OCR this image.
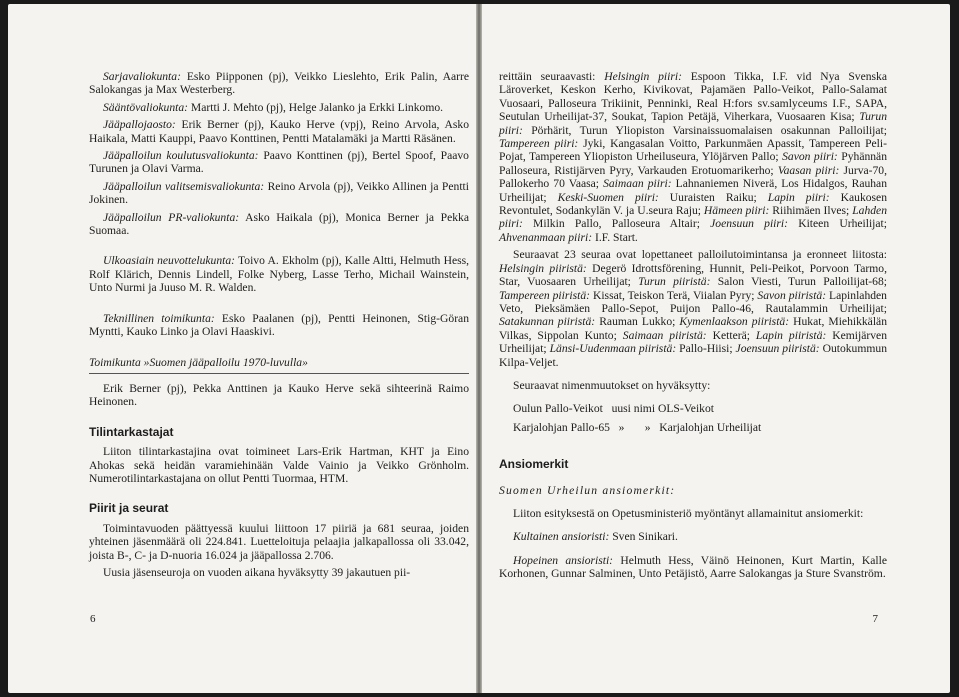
Sarjavaliokunta: Esko Piipponen (pj), Veikko Lieslehto, Erik Palin, Aarre Salokangas ja Max Westerberg.

Sääntövaliokunta: Martti J. Mehto (pj), Helge Jalanko ja Erkki Linkomo.

Jääpallojaosto: Erik Berner (pj), Kauko Herve (vpj), Reino Arvola, Asko Haikala, Matti Kauppi, Paavo Konttinen, Pentti Matalamäki ja Martti Räsänen.

Jääpalloilun koulutusvaliokunta: Paavo Konttinen (pj), Bertel Spoof, Paavo Turunen ja Olavi Varma.

Jääpalloilun valitsemisvaliokunta: Reino Arvola (pj), Veikko Allinen ja Pentti Jokinen.

Jääpalloilun PR-valiokunta: Asko Haikala (pj), Monica Berner ja Pekka Suomaa.

Ulkoasiain neuvottelukunta: Toivo A. Ekholm (pj), Kalle Altti, Helmuth Hess, Rolf Klärich, Dennis Lindell, Folke Nyberg, Lasse Terho, Michail Wainstein, Unto Nurmi ja Juuso M. R. Walden.

Teknillinen toimikunta: Esko Paalanen (pj), Pentti Heinonen, Stig-Göran Myntti, Kauko Linko ja Olavi Haaskivi.

Toimikunta »Suomen jääpalloilu 1970-luvulla»

Erik Berner (pj), Pekka Anttinen ja Kauko Herve sekä sihteerinä Raimo Heinonen.

Tilintarkastajat

Liiton tilintarkastajina ovat toimineet Lars-Erik Hartman, KHT ja Eino Ahokas sekä heidän varamiehinään Valde Vainio ja Veikko Grönholm. Numerotilintarkastajana on ollut Pentti Tuormaa, HTM.

Piirit ja seurat

Toimintavuoden päättyessä kuului liittoon 17 piiriä ja 681 seuraa, joiden yhteinen jäsenmäärä oli 224.841. Luetteloituja pelaajia jalkapallossa oli 33.042, joista B-, C- ja D-nuoria 16.024 ja jääpallossa 2.706.

Uusia jäsenseuroja on vuoden aikana hyväksytty 39 jakautuen pii-

6

reittäin seuraavasti: Helsingin piiri: Espoon Tikka, I.F. vid Nya Svenska Läroverket, Keskon Kerho, Kivikovat, Pajamäen Pallo-Veikot, Pallo-Salamat Vuosaari, Palloseura Trikiinit, Penninki, Real H:fors sv.samlyceums I.F., SAPA, Seutulan Urheilijat-37, Soukat, Tapion Petäjä, Viherkara, Vuosaaren Kisa; Turun piiri: Pörhärit, Turun Yliopiston Varsinaissuomalaisen osakunnan Palloilijat; Tampereen piiri: Jyki, Kangasalan Voitto, Parkunmäen Apassit, Tampereen Peli-Pojat, Tampereen Yliopiston Urheiluseura, Ylöjärven Pallo; Savon piiri: Pyhännän Palloseura, Ristijärven Pyry, Varkauden Erotuomarikerho; Vaasan piiri: Jurva-70, Pallokerho 70 Vaasa; Saimaan piiri: Lahnaniemen Niverä, Los Hidalgos, Rauhan Urheilijat; Keski-Suomen piiri: Uuraisten Raiku; Lapin piiri: Kaukosen Revontulet, Sodankylän V. ja U.seura Raju; Hämeen piiri: Riihimäen Ilves; Lahden piiri: Milkin Pallo, Palloseura Altair; Joensuun piiri: Kiteen Urheilijat; Ahvenanmaan piiri: I.F. Start.

Seuraavat 23 seuraa ovat lopettaneet palloilutoimintansa ja eronneet liitosta: Helsingin piiristä: Degerö Idrottsförening, Hunnit, Peli-Peikot, Porvoon Tarmo, Star, Vuosaaren Urheilijat; Turun piiristä: Salon Viesti, Turun Palloilijat-68; Tampereen piiristä: Kissat, Teiskon Terä, Viialan Pyry; Savon piiristä: Lapinlahden Veto, Pieksämäen Pallo-Sepot, Puijon Pallo-46, Rautalammin Urheilijat; Satakunnan piiristä: Rauman Lukko; Kymenlaakson piiristä: Hukat, Miehikkälän Vilkas, Sippolan Kunto; Saimaan piiristä: Ketterä; Lapin piiristä: Kemijärven Urheilijat; Länsi-Uudenmaan piiristä: Pallo-Hiisi; Joensuun piiristä: Outokummun Kilpa-Veljet.

Seuraavat nimenmuutokset on hyväksytty:

Oulun Pallo-Veikot uusi nimi OLS-Veikot

Karjalohjan Pallo-65 »       » Karjalohjan Urheilijat

Ansiomerkit

Suomen Urheilun ansiomerkit:

Liiton esityksestä on Opetusministeriö myöntänyt allamainitut ansiomerkit:

Kultainen ansioristi: Sven Sinikari.

Hopeinen ansioristi: Helmuth Hess, Väinö Heinonen, Kurt Martin, Kalle Korhonen, Gunnar Salminen, Unto Petäjistö, Aarre Salokangas ja Sture Svanström.

7
